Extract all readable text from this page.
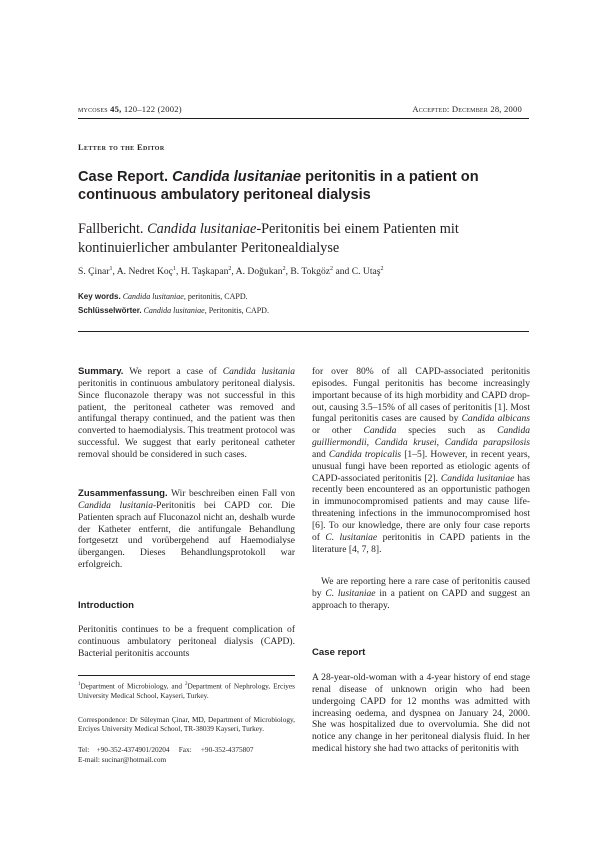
mycoses 45, 120–122 (2002)	Accepted: December 28, 2000
Letter to the Editor
Case Report. Candida lusitaniae peritonitis in a patient on continuous ambulatory peritoneal dialysis
Fallbericht. Candida lusitaniae-Peritonitis bei einem Patienten mit kontinuierlicher ambulanter Peritonealdialyse
S. Çinar$^1$, A. Nedret Koç$^1$, H. Taşkapan$^2$, A. Doğukan$^2$, B. Tokgöz$^2$ and C. Utaş$^2$
Key words. Candida lusitaniae, peritonitis, CAPD.
Schlüsselwörter. Candida lusitaniae, Peritonitis, CAPD.

Summary. We report a case of Candida lusitania peritonitis in continuous ambulatory peritoneal dialysis. Since fluconazole therapy was not successful in this patient, the peritoneal catheter was removed and antifungal therapy continued, and the patient was then converted to haemodialysis. This treatment protocol was successful. We suggest that early peritoneal catheter removal should be considered in such cases.

Zusammenfassung. Wir beschreiben einen Fall von Candida lusitania-Peritonitis bei CAPD cor. Die Patienten sprach auf Fluconazol nicht an, deshalb wurde der Katheter entfernt, die antifungale Behandlung fortgesetzt und vorübergehend auf Haemodialyse übergangen. Dieses Behandlungsprotokoll war erfolgreich.

Introduction

Peritonitis continues to be a frequent complication of continuous ambulatory peritoneal dialysis (CAPD). Bacterial peritonitis accounts

$^1$Department of Microbiology, and $^2$Department of Nephrology, Erciyes University Medical School, Kayseri, Turkey.

Correspondence: Dr Süleyman Çinar, MD, Department of Microbiology, Erciyes University Medical School, TR-38039 Kayseri, Turkey.

Tel: +90-352-4374901/20204 Fax: +90-352-4375807
E-mail: sucinar@hotmail.com

for over 80% of all CAPD-associated peritonitis episodes. Fungal peritonitis has become increasingly important because of its high morbidity and CAPD drop-out, causing 3.5–15% of all cases of peritonitis [1]. Most fungal peritonitis cases are caused by Candida albicans or other Candida species such as Candida guilliermondii, Candida krusei, Candida parapsilosis and Candida tropicalis [1–5]. However, in recent years, unusual fungi have been reported as etiologic agents of CAPD-associated peritonitis [2]. Candida lusitaniae has recently been encountered as an opportunistic pathogen in immunocompromised patients and may cause life-threatening infections in the immunocompromised host [6]. To our knowledge, there are only four case reports of C. lusitaniae peritonitis in CAPD patients in the literature [4, 7, 8].

We are reporting here a rare case of peritonitis caused by C. lusitaniae in a patient on CAPD and suggest an approach to therapy.

Case report

A 28-year-old-woman with a 4-year history of end stage renal disease of unknown origin who had been undergoing CAPD for 12 months was admitted with increasing oedema, and dyspnea on January 24, 2000. She was hospitalized due to overvolumia. She did not notice any change in her peritoneal dialysis fluid. In her medical history she had two attacks of peritonitis with
